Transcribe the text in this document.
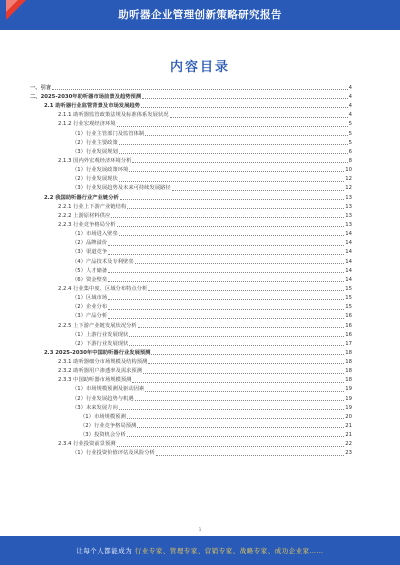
助听器企业管理创新策略研究报告
内容目录
一、引言	4
二、2025-2030年助听器市场前景及趋势预测	4
2.1 助听器行业监管背景及市场发展趋势	4
2.1.1 助听器监管政策法规及标准体系发展状况	4
2.1.2 行业宏观经济环境	5
（1）行业主管部门及监管体制	5
（2）行业主要政策	5
（3）行业发展规划	6
2.1.3 国内外宏观经济环境分析	8
（1）行业发展政策环境	10
（2）行业发展现状	12
（3）行业发展趋势及未来可持续发展路径	12
2.2 我国助听器行业产业链分析	13
2.2.1 行业上下游产业链结构	13
2.2.2 上游原材料供应	13
2.2.3 行业竞争格局分析	13
（1）市场进入壁垒	14
（2）品牌溢价	14
（3）渠道竞争	14
（4）产品技术及专利壁垒	14
（5）人才储备	14
（6）资金壁垒	14
2.2.4 行业集中度、区域分布特点分析	15
（1）区域市场	15
（2）企业分布	15
（3）产品分析	16
2.2.5 上下游产业链发展状况分析	16
（1）上游行业发展现状	16
（2）下游行业发展现状	17
2.3 2025-2030年中国助听器行业发展预测	18
2.3.1 助听器细分市场规模及结构预测	18
2.3.2 助听器用户渗透率及需求预测	18
2.3.3 中国助听器市场规模预测	18
（1）市场规模预测及驱动因素	19
（2）行业发展趋势与机遇	19
（3）未来发展方向	19
（1）市场规模预测	20
（2）行业竞争格局预测	21
（3）投资机会分析	21
2.3.4 行业投资前景预测	22
（1）行业投资价值评估及风险分析	23
1
让每个人都能成为 行业专家、管理专家、营销专家、战略专家、成功企业家……
